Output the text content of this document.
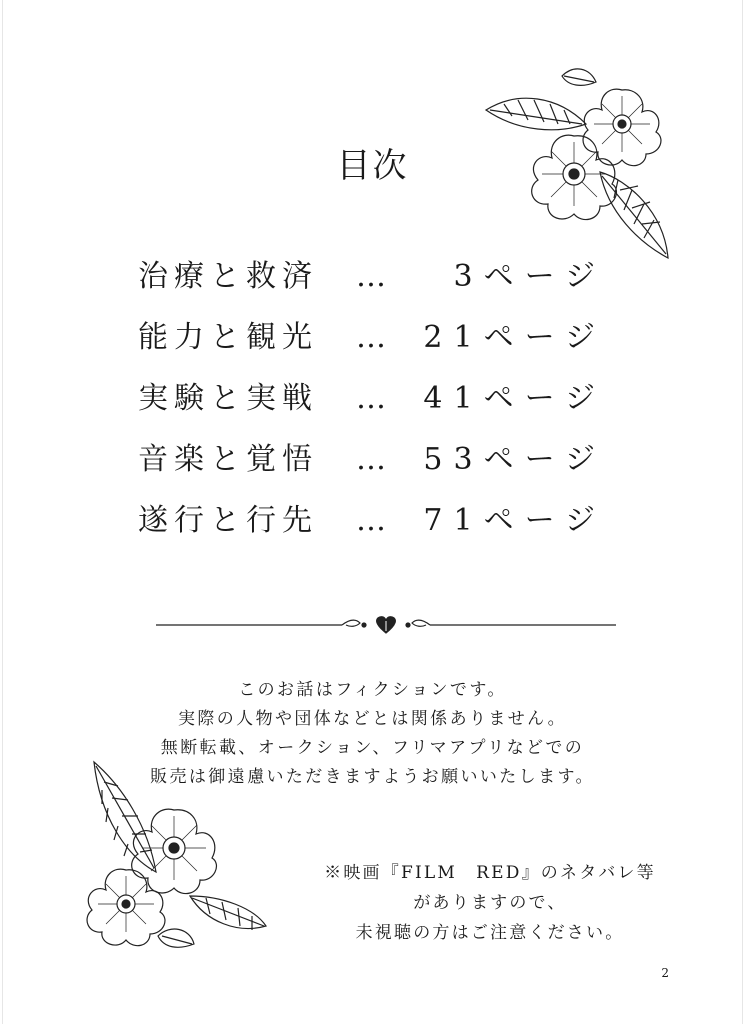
目次
治療と救済 … 3ページ
能力と観光 … 21ページ
実験と実戦 … 41ページ
音楽と覚悟 … 53ページ
遂行と行先 … 71ページ

このお話はフィクションです。

実際の人物や団体などとは関係ありません。

無断転載、オークション、フリマアプリなどでの

販売は御遠慮いただきますようお願いいたします。

※映画『FILM　RED』のネタバレ等

がありますので、

未視聴の方はご注意ください。

2
